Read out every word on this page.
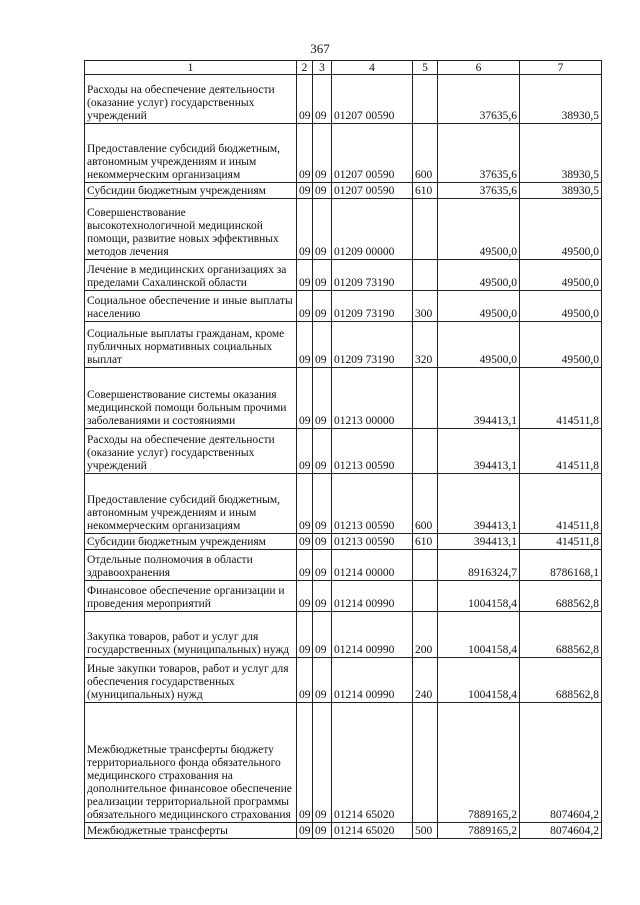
367
1	2	3	4	5	6	7
Расходы на обеспечение деятельности (оказание услуг) государственных учреждений	09	09	01207 00590		37635,6	38930,5
Предоставление субсидий бюджетным, автономным учреждениям и иным некоммерческим организациям	09	09	01207 00590	600	37635,6	38930,5
Субсидии бюджетным учреждениям	09	09	01207 00590	610	37635,6	38930,5
Совершенствование высокотехнологичной медицинской помощи, развитие новых эффективных методов лечения	09	09	01209 00000		49500,0	49500,0
Лечение в медицинских организациях за пределами Сахалинской области	09	09	01209 73190		49500,0	49500,0
Социальное обеспечение и иные выплаты населению	09	09	01209 73190	300	49500,0	49500,0
Социальные выплаты гражданам, кроме публичных нормативных социальных выплат	09	09	01209 73190	320	49500,0	49500,0
Совершенствование системы оказания медицинской помощи больным прочими заболеваниями и состояниями	09	09	01213 00000		394413,1	414511,8
Расходы на обеспечение деятельности (оказание услуг) государственных учреждений	09	09	01213 00590		394413,1	414511,8
Предоставление субсидий бюджетным, автономным учреждениям и иным некоммерческим организациям	09	09	01213 00590	600	394413,1	414511,8
Субсидии бюджетным учреждениям	09	09	01213 00590	610	394413,1	414511,8
Отдельные полномочия в области здравоохранения	09	09	01214 00000		8916324,7	8786168,1
Финансовое обеспечение организации и проведения мероприятий	09	09	01214 00990		1004158,4	688562,8
Закупка товаров, работ и услуг для государственных (муниципальных) нужд	09	09	01214 00990	200	1004158,4	688562,8
Иные закупки товаров, работ и услуг для обеспечения государственных (муниципальных) нужд	09	09	01214 00990	240	1004158,4	688562,8
Межбюджетные трансферты бюджету территориального фонда обязательного медицинского страхования на дополнительное финансовое обеспечение реализации территориальной программы обязательного медицинского страхования	09	09	01214 65020		7889165,2	8074604,2
Межбюджетные трансферты	09	09	01214 65020	500	7889165,2	8074604,2
